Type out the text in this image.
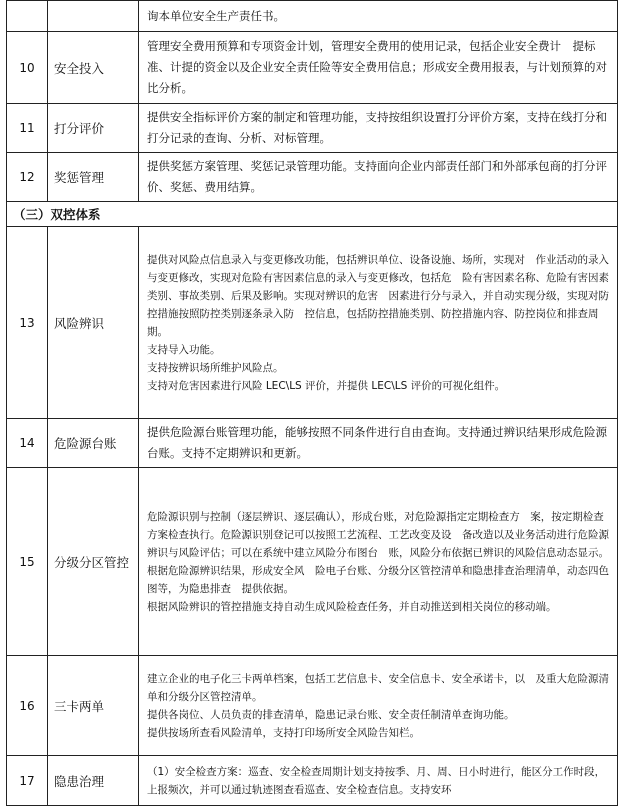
		询本单位安全生产责任书。

10	安全投入	管理安全费用预算和专项资金计划，管理安全费用的使用记录，包括企业安全费计　提标准、计提的资金以及企业安全责任险等安全费用信息；形成安全费用报表，与计划预算的对比分析。

11	打分评价	提供安全指标评价方案的制定和管理功能，支持按组织设置打分评价方案，支持在线打分和打分记录的查询、分析、对标管理。

12	奖惩管理	提供奖惩方案管理、奖惩记录管理功能。支持面向企业内部责任部门和外部承包商的打分评价、奖惩、费用结算。

（三）双控体系		
13	风险辨识	提供对风险点信息录入与变更修改功能，包括辨识单位、设备设施、场所，实现对　作业活动的录入与变更修改，实现对危险有害因素信息的录入与变更修改，包括危　险有害因素名称、危险有害因素类别、事故类别、后果及影响。实现对辨识的危害　因素进行分与录入，并自动实现分级，实现对防控措施按照防控类别逐条录入防　控信息，包括防控措施类别、防控措施内容、防控岗位和排查周期。
支持导入功能。
支持按辨识场所维护风险点。
支持对危害因素进行风险 LEC\LS 评价，并提供 LEC\LS 评价的可视化组件。

14	危险源台账	提供危险源台账管理功能，能够按照不同条件进行自由查询。支持通过辨识结果形成危险源台账。支持不定期辨识和更新。

15	分级分区管控	危险源识别与控制（逐层辨识、逐层确认），形成台账，对危险源指定定期检查方　案，按定期检查方案检查执行。危险源识别登记可以按照工艺流程、工艺改变及设　备改造以及业务活动进行危险源辨识与风险评估；可以在系统中建立风险分布图台　账，风险分布依据已辨识的风险信息动态显示。根据危险源辨识结果，形成安全风　险电子台账、分级分区管控清单和隐患排查治理清单，动态四色图等，为隐患排查　提供依据。
根据风险辨识的管控措施支持自动生成风险检查任务，并自动推送到相关岗位的移动端。

16	三卡两单	建立企业的电子化三卡两单档案，包括工艺信息卡、安全信息卡、安全承诺卡，以　及重大危险源清单和分级分区管控清单。
提供各岗位、人员负责的排查清单，隐患记录台账、安全责任制清单查询功能。
提供按场所查看风险清单，支持打印场所安全风险告知栏。

17	隐患治理	（1）安全检查方案：巡查、安全检查周期计划支持按季、月、周、日小时进行，能区分工作时段，上报频次，并可以通过轨迹图查看巡查、安全检查信息。支持安环
